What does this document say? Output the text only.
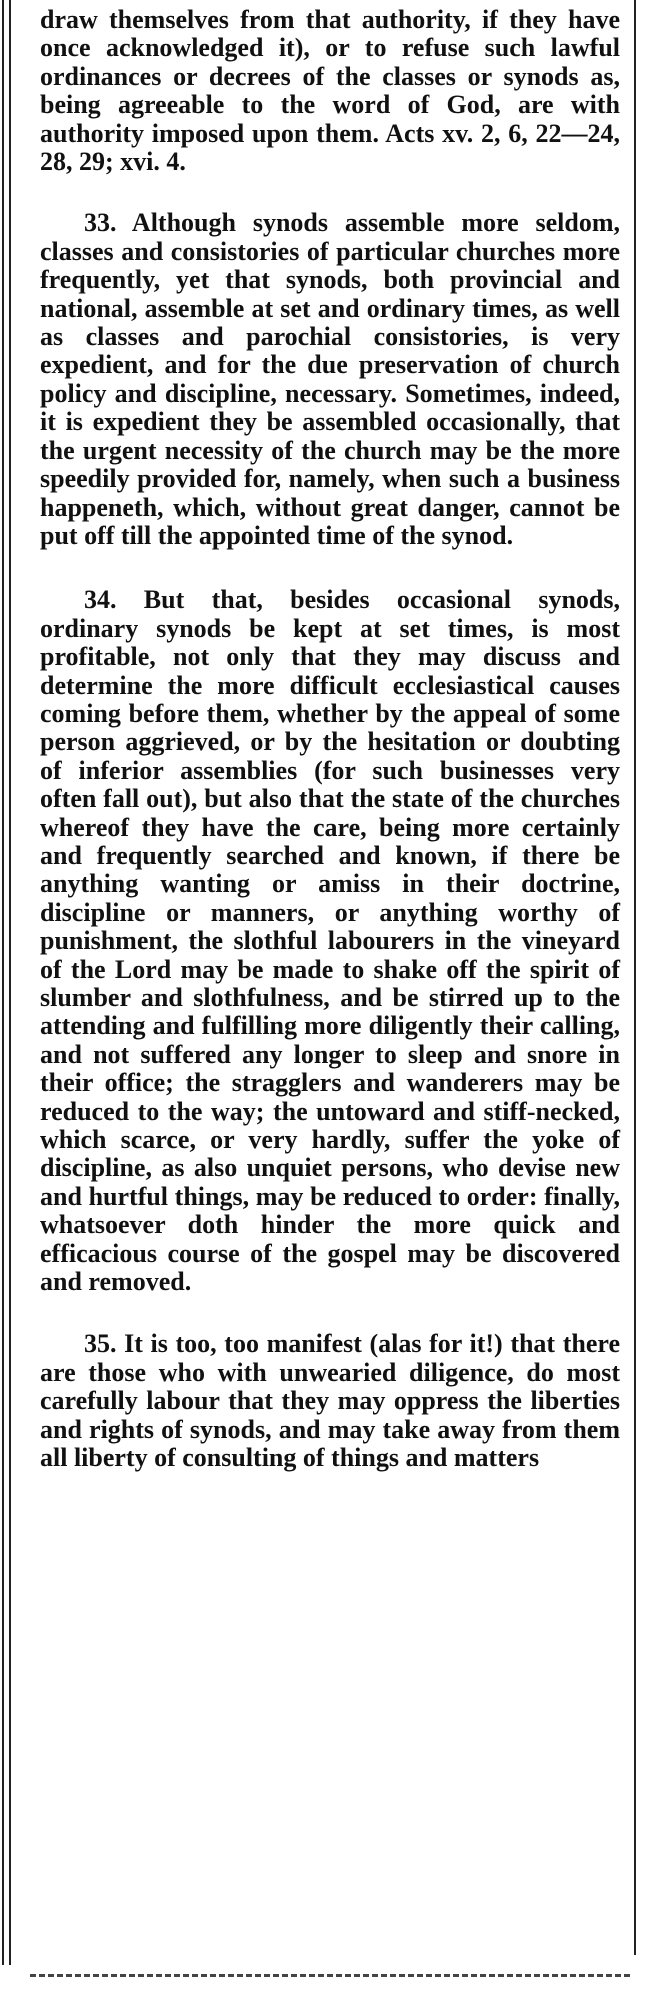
draw themselves from that authority, if they have once acknowledged it), or to refuse such lawful ordinances or decrees of the classes or synods as, being agreeable to the word of God, are with authority imposed upon them. Acts xv. 2, 6, 22—24, 28, 29; xvi. 4.

33. Although synods assemble more seldom, classes and consistories of particular churches more frequently, yet that synods, both provincial and national, assemble at set and ordinary times, as well as classes and parochial consistories, is very expedient, and for the due preservation of church policy and discipline, necessary. Sometimes, indeed, it is expedient they be assembled occasionally, that the urgent necessity of the church may be the more speedily provided for, namely, when such a business happeneth, which, without great danger, cannot be put off till the appointed time of the synod.

34. But that, besides occasional synods, ordinary synods be kept at set times, is most profitable, not only that they may discuss and determine the more difficult ecclesiastical causes coming before them, whether by the appeal of some person aggrieved, or by the hesitation or doubting of inferior assemblies (for such businesses very often fall out), but also that the state of the churches whereof they have the care, being more certainly and frequently searched and known, if there be anything wanting or amiss in their doctrine, discipline or manners, or anything worthy of punishment, the slothful labourers in the vineyard of the Lord may be made to shake off the spirit of slumber and slothfulness, and be stirred up to the attending and fulfilling more diligently their calling, and not suffered any longer to sleep and snore in their office; the stragglers and wanderers may be reduced to the way; the untoward and stiff-necked, which scarce, or very hardly, suffer the yoke of discipline, as also unquiet persons, who devise new and hurtful things, may be reduced to order: finally, whatsoever doth hinder the more quick and efficacious course of the gospel may be discovered and removed.

35. It is too, too manifest (alas for it!) that there are those who with unwearied diligence, do most carefully labour that they may oppress the liberties and rights of synods, and may take away from them all liberty of consulting of things and matters
